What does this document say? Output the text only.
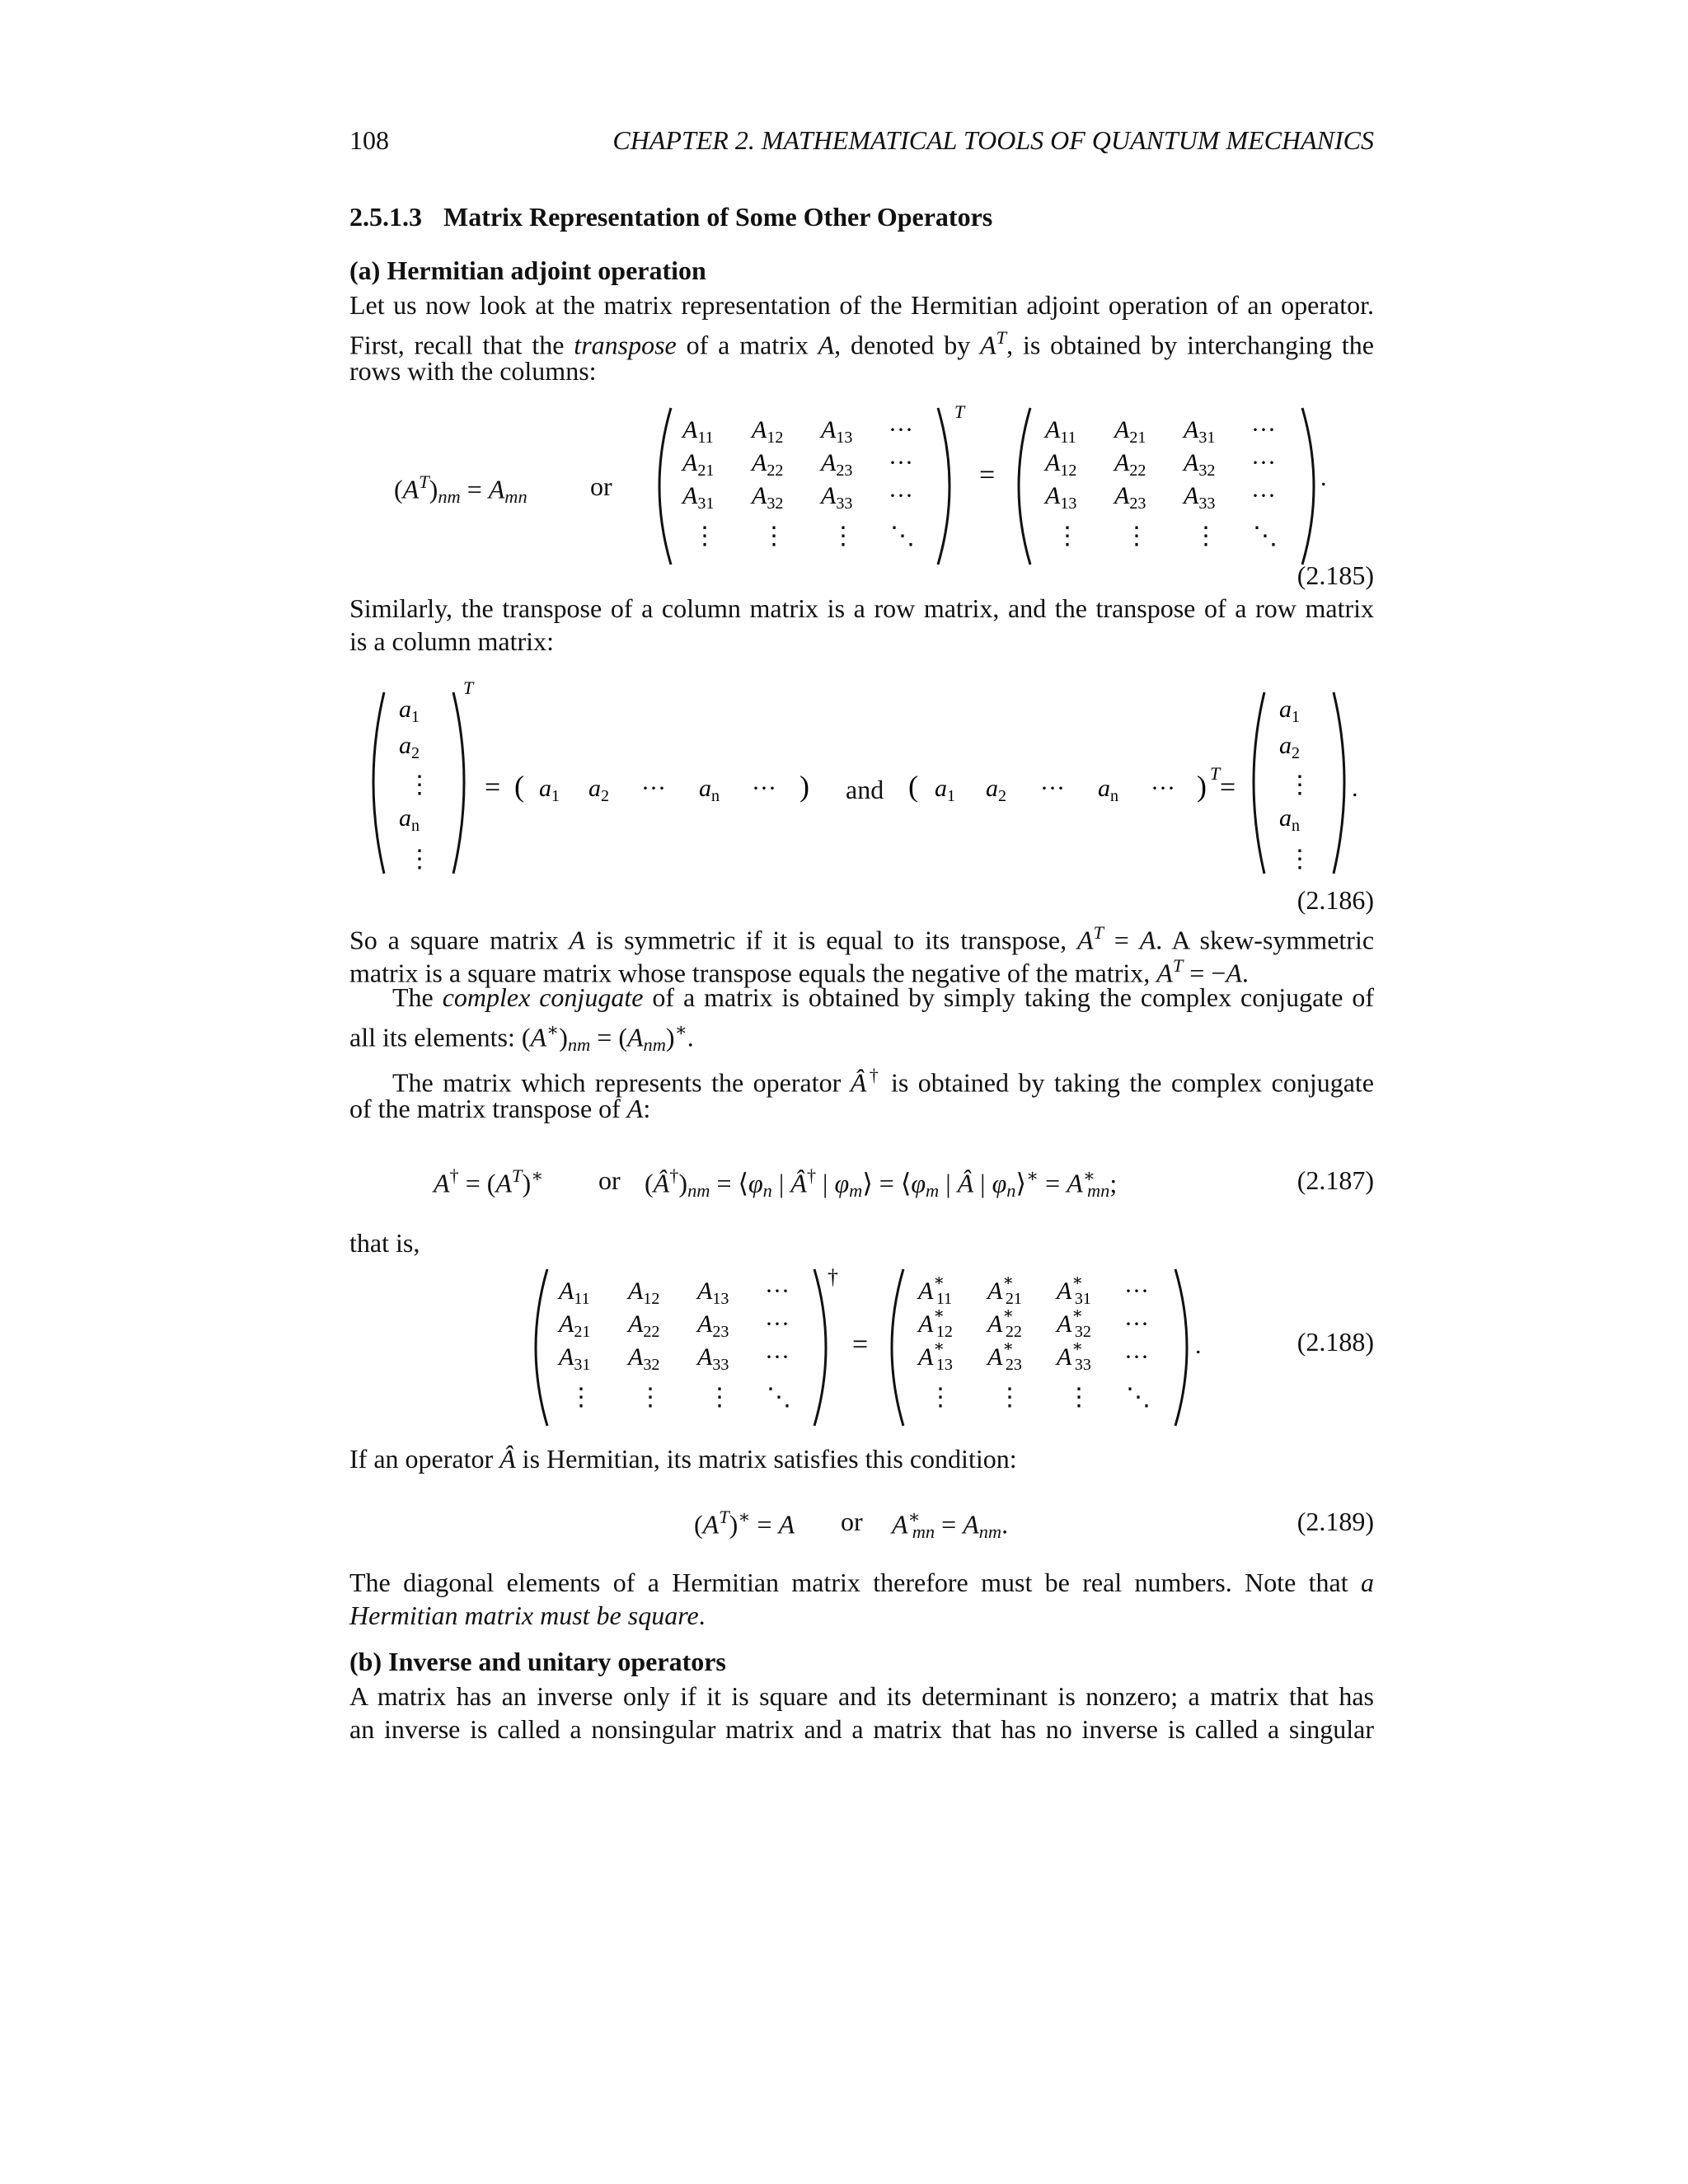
108	CHAPTER 2. MATHEMATICAL TOOLS OF QUANTUM MECHANICS
2.5.1.3 Matrix Representation of Some Other Operators
(a) Hermitian adjoint operation
Let us now look at the matrix representation of the Hermitian adjoint operation of an operator.
First, recall that the transpose of a matrix A, denoted by $A^T$, is obtained by interchanging the
rows with the columns:
$(A^T)_{nm} = A_{mn}$ or
T
$A_{11}$ $A_{12}$ $A_{13}$ ···
$A_{21}$ $A_{22}$ $A_{23}$ ···
$A_{31}$ $A_{32}$ $A_{33}$ ···
⋮ ⋮ ⋮ ⋱
=
$A_{11}$ $A_{21}$ $A_{31}$ ···
$A_{12}$ $A_{22}$ $A_{32}$ ···
$A_{13}$ $A_{23}$ $A_{33}$ ···
⋮ ⋮ ⋮ ⋱
.
(2.185)
Similarly, the transpose of a column matrix is a row matrix, and the transpose of a row matrix
is a column matrix:
T
$a_1$
$a_2$
⋮
$a_n$
⋮
= ( $a_1$ $a_2$ ··· $a_n$ ··· )	( $a_1$ $a_2$ ··· $a_n$ ··· ) T =
$a_1$
$a_2$
⋮
$a_n$
⋮
.
and
(2.186)
So a square matrix A is symmetric if it is equal to its transpose, $A^T = A$. A skew-symmetric
matrix is a square matrix whose transpose equals the negative of the matrix, $A^T = -A$.
The complex conjugate of a matrix is obtained by simply taking the complex conjugate of
all its elements: $(A^∗)_{nm} = (A_{nm})^∗$.
The matrix which represents the operator Â† is obtained by taking the complex conjugate
of the matrix transpose of A:
$A^\dagger = (A^T)^∗$ or $(Â^\dagger)_{nm}$ = $⟨\varphi_n$ | Â† | $\varphi_m⟩$ = $⟨\varphi_m$ | Â | $\varphi_n⟩^∗ = A^∗_{mn}$;	(2.187)
that is,
†
$A_{11}$ $A_{12}$ $A_{13}$ ···
$A_{21}$ $A_{22}$ $A_{23}$ ···
$A_{31}$ $A_{32}$ $A_{33}$ ···
⋮ ⋮ ⋮ ⋱
=
A∗ 11 A∗ 21 A∗ 31 ···
A∗ 12 A∗ 22 A∗ 32 ···
A∗ 13 A∗ 23 A∗ 33 ···
⋮ ⋮ ⋮ ⋱
.	(2.188)
If an operator Â is Hermitian, its matrix satisfies this condition:
$(A^T)^∗ = A$ or $A^∗_{mn} = A_{nm}$.	(2.189)
The diagonal elements of a Hermitian matrix therefore must be real numbers. Note that a
Hermitian matrix must be square.
(b) Inverse and unitary operators
A matrix has an inverse only if it is square and its determinant is nonzero; a matrix that has
an inverse is called a nonsingular matrix and a matrix that has no inverse is called a singular
